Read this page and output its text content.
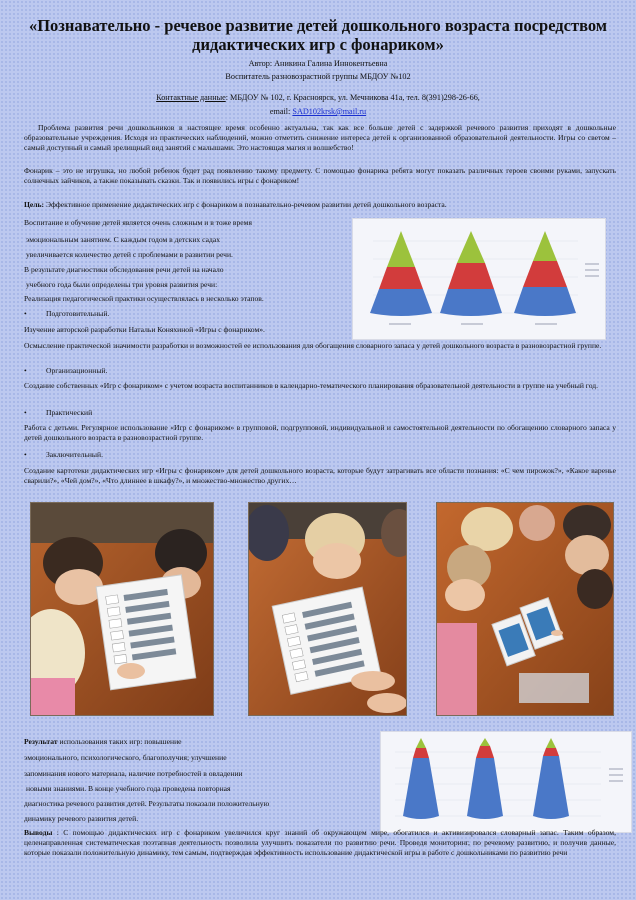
«Познавательно - речевое развитие детей дошкольного возраста посредством дидактических игр с фонариком»
Автор: Аникина Галина Иннокентьевна
Воспитатель разновозрастной группы МБДОУ №102
Контактные данные: МБДОУ № 102, г. Красноярск, ул. Мечникова 41а, тел. 8(391)298-26-66,
email: SAD102krsk@mail.ru
Проблема развития речи дошкольников в настоящее время особенно актуальна, так как все больше детей с задержкой речевого развития приходят в дошкольные образовательные учреждения. Исходя из практических наблюдений, можно отметить снижение интереса детей к организованной образовательной деятельности. Игры со светом – самый доступный и самый зрелищный вид занятий с малышами. Это настоящая магия и волшебство!
Фонарик – это не игрушка, но любой ребенок будет рад появлению такому предмету. С помощью фонарика ребята могут показать различных героев своими руками, запускать солнечных зайчиков, а также показывать сказки. Так и появились игры с фонариком!
Цель: Эффективное применение дидактических игр с фонариком в познавательно-речевом развитии детей дошкольного возраста.
Воспитание и обучение детей является очень сложным и в тоже время
эмоциональным занятием. С каждым годом в детских садах
увеличивается количество детей с проблемами в развитии речи.
В результате диагностики обследования речи детей на начало
учебного года были определены три уровня развития речи:
Реализация педагогической практики осуществлялась в несколько этапов.
•	Подготовительный.
Изучение авторской разработки Натальи Коняхиной «Игры с фонариком».
Осмысление практической значимости разработки и возможностей ее использования для обогащения словарного запаса у детей дошкольного возраста в разновозрастной группе.
•	Организационный.
Создание собственных «Игр с фонариком» с учетом возраста воспитанников в календарно-тематического планирования образовательной деятельности в группе на учебный год.
•	Практический
Работа с детьми. Регулярное использование «Игр с фонариком» в групповой, подгрупповой, индивидуальной и самостоятельной деятельности по обогащению словарного запаса у детей дошкольного возраста в разновозрастной группе.
•	Заключительный.
Создание картотеки дидактических игр «Игры с фонариком» для детей дошкольного возраста, которые будут затрагивать все области познания: «С чем пирожок?», «Какое варенье сварили?», «Чей дом?», «Что длиннее в шкафу?», и множество-множество других…
Результат использования таких игр: повышение
эмоционального, психологического, благополучия; улучшение
запоминания нового материала, наличие потребностей в овладении
новыми знаниями. В конце учебного года проведена повторная
диагностика речевого развития детей. Результаты показали положительную
динамику речевого развития детей.
Выводы : С помощью дидактических игр с фонариком увеличился круг знаний об окружающем мире, обогатился и активизировался словарный запас. Таким образом, целенаправленная систематическая поэтапная деятельность позволила улучшить показатели по развитию речи. Проведя мониторинг, по речевому развитию, и получив данные, которые показали положительную динамику, тем самым, подтверждая эффективность использование дидактической игры в работе с дошкольниками по развитию речи
